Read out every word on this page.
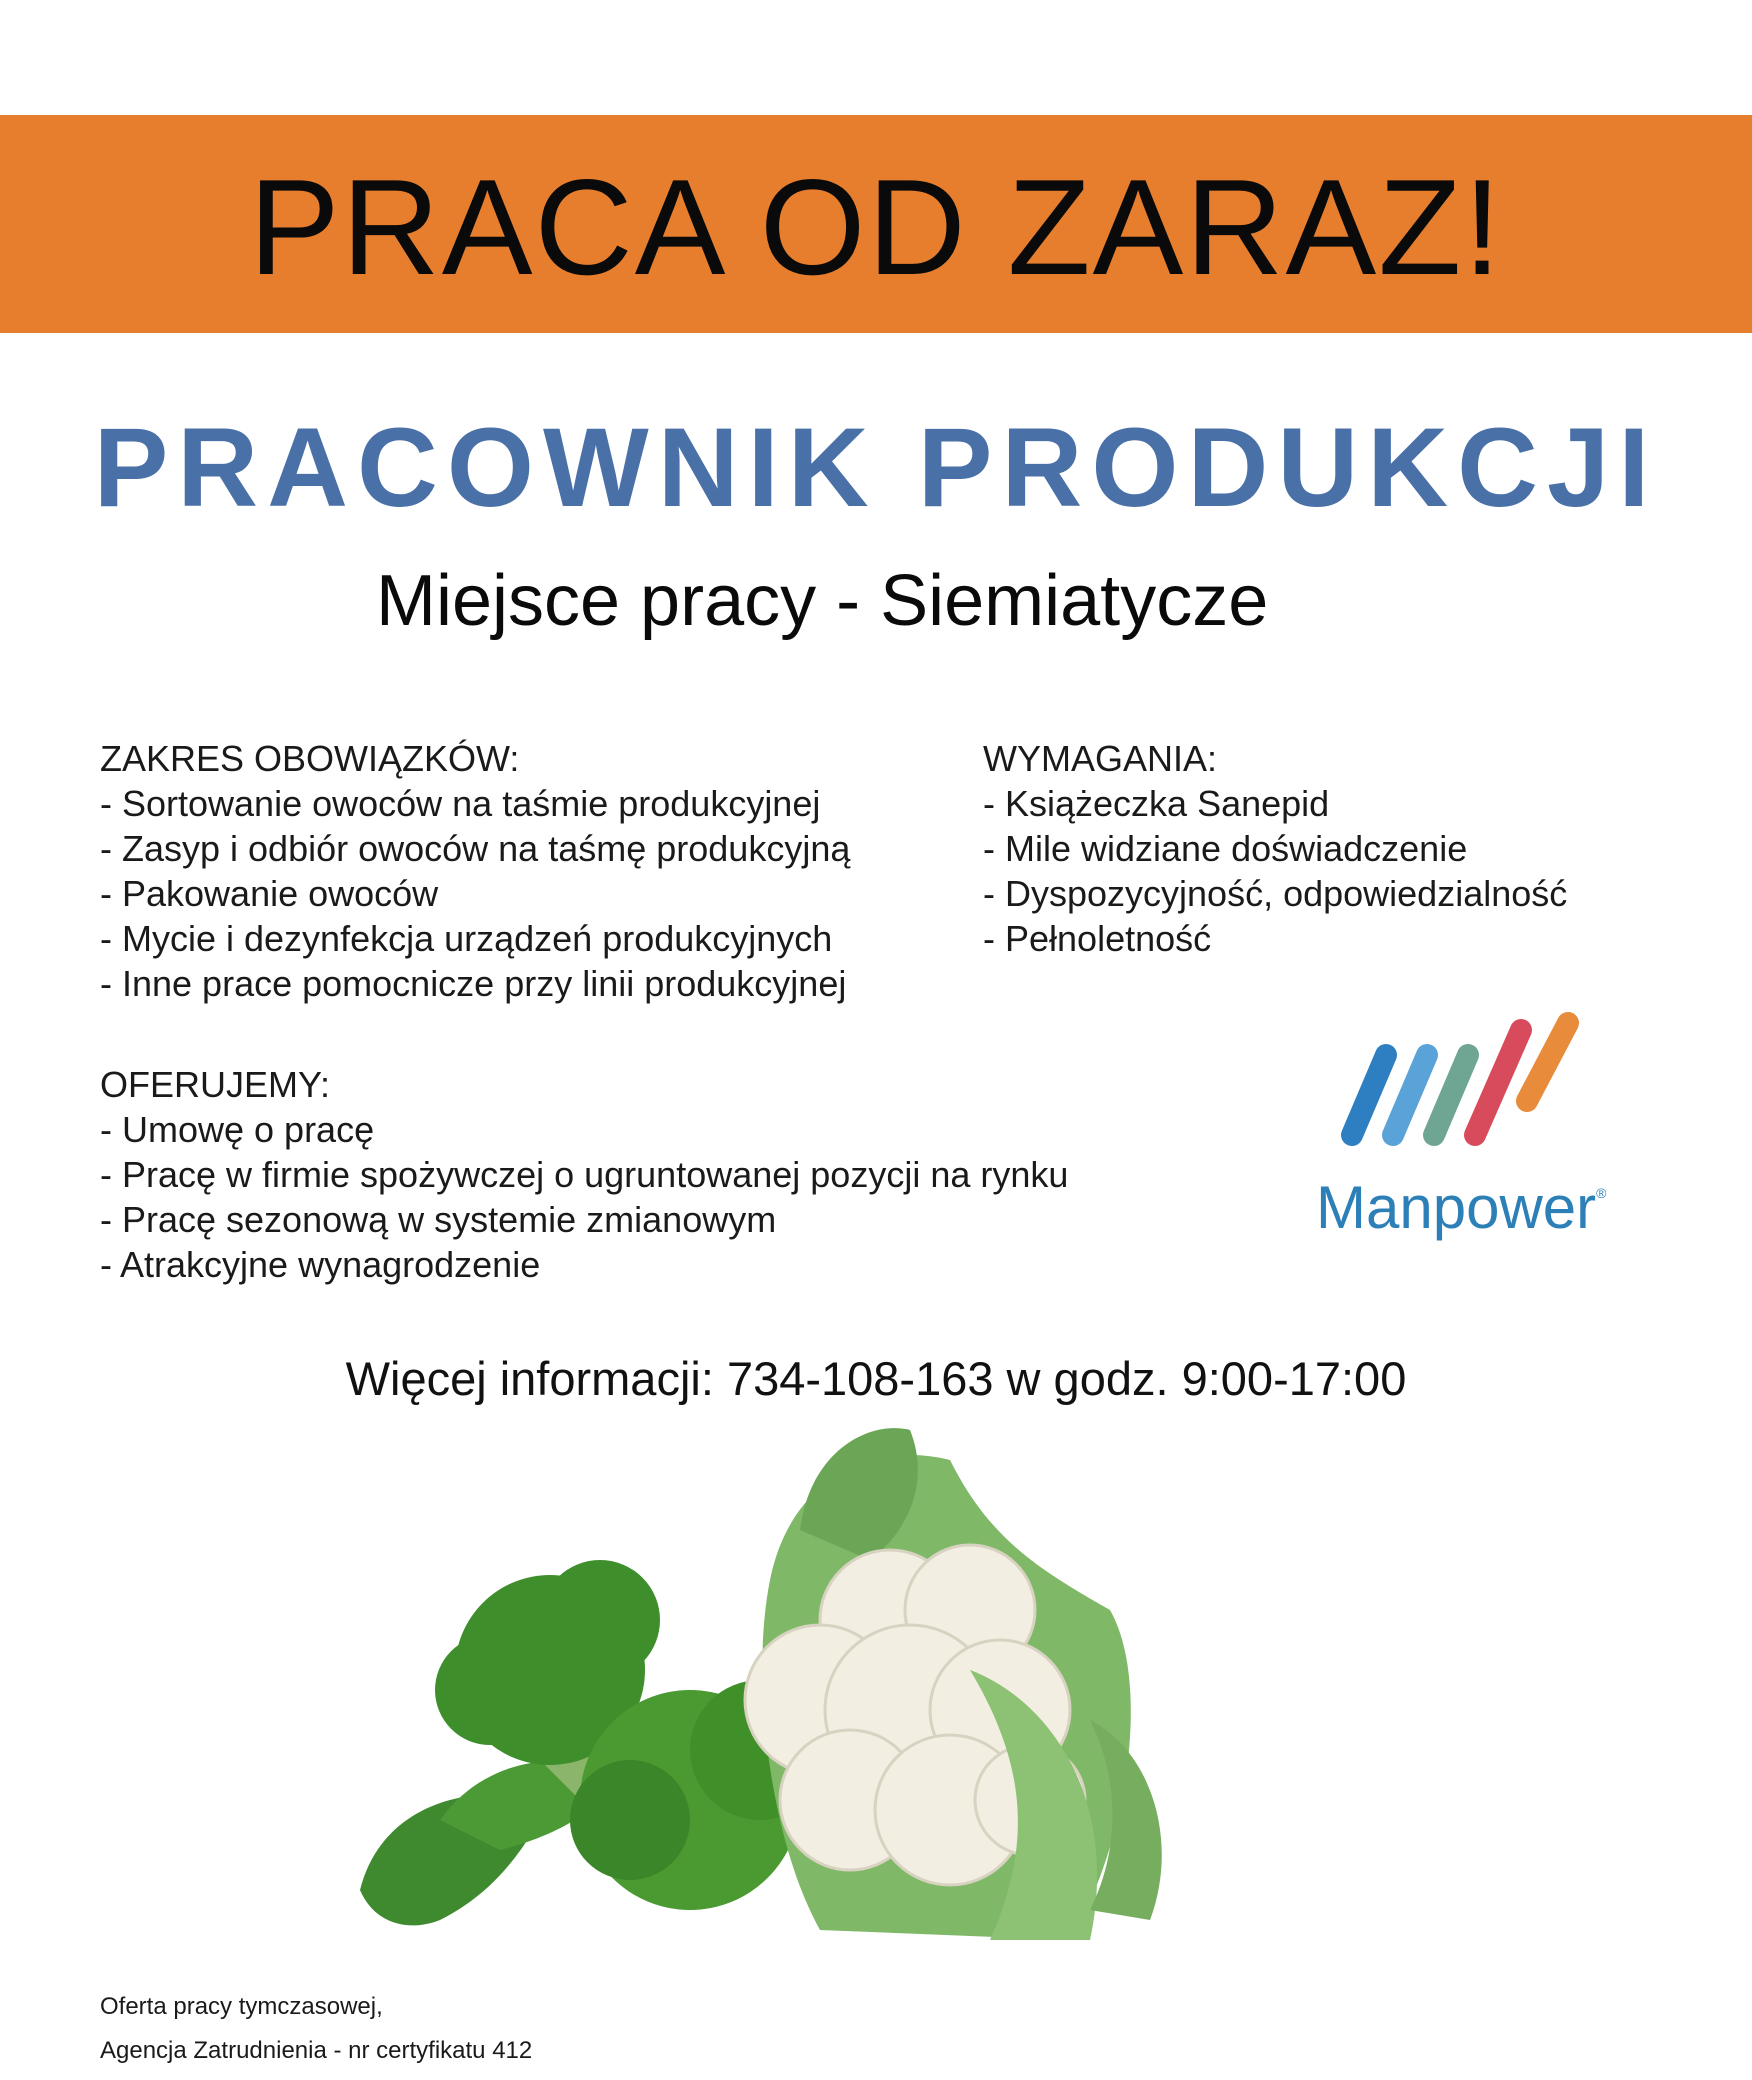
PRACA OD ZARAZ!
PRACOWNIK PRODUKCJI
Miejsce pracy - Siemiatycze
ZAKRES OBOWIĄZKÓW:
- Sortowanie owoców na taśmie produkcyjnej
- Zasyp i odbiór owoców na taśmę produkcyjną
- Pakowanie owoców
- Mycie i dezynfekcja urządzeń produkcyjnych
- Inne prace pomocnicze przy linii produkcyjnej
WYMAGANIA:
- Książeczka Sanepid
- Mile widziane doświadczenie
- Dyspozycyjność, odpowiedzialność
- Pełnoletność
OFERUJEMY:
- Umowę o pracę
- Pracę w firmie spożywczej o ugruntowanej pozycji na rynku
- Pracę sezonową w systemie zmianowym
- Atrakcyjne wynagrodzenie
Manpower®
Więcej informacji: 734-108-163 w godz. 9:00-17:00
Oferta pracy tymczasowej,
Agencja Zatrudnienia - nr certyfikatu 412
